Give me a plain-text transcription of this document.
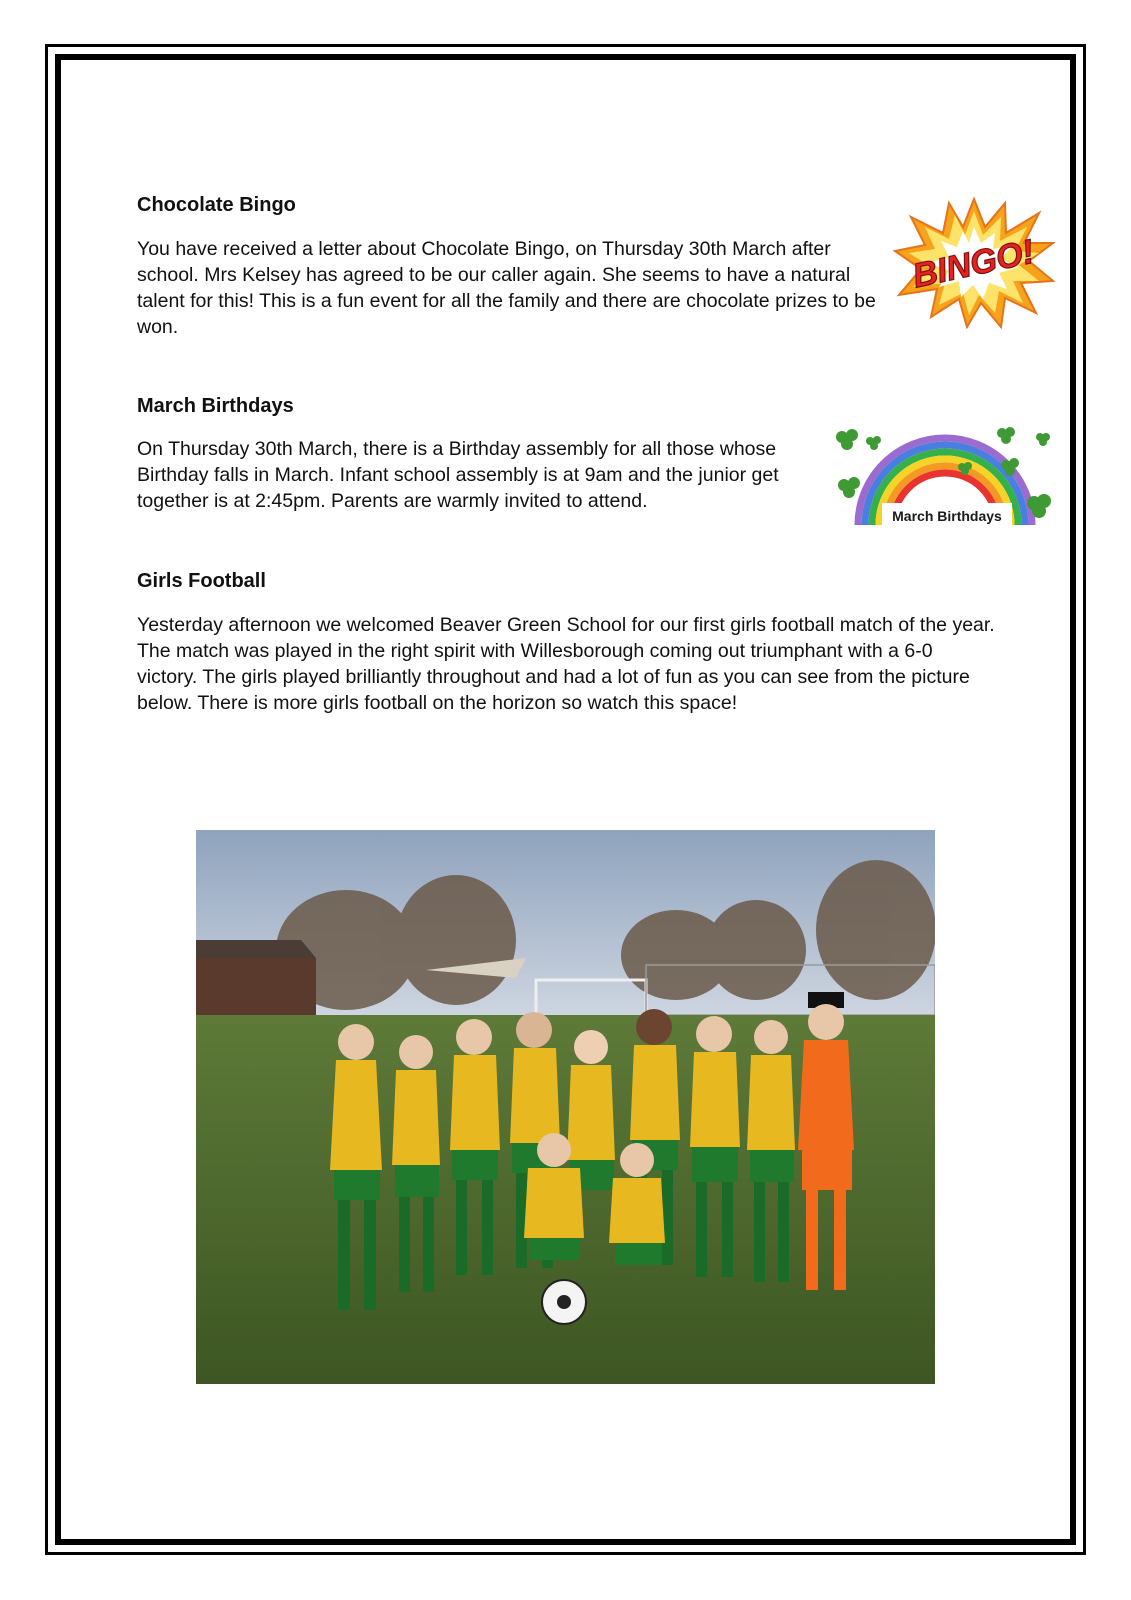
Chocolate Bingo

You have received a letter about Chocolate Bingo, on Thursday 30th March after school. Mrs Kelsey has agreed to be our caller again. She seems to have a natural talent for this! This is a fun event for all the family and there are chocolate prizes to be won.

BINGO!
March Birthdays

On Thursday 30th March, there is a Birthday assembly for all those whose Birthday falls in March. Infant school assembly is at 9am and the junior get together is at 2:45pm. Parents are warmly invited to attend.

March Birthdays
Girls Football

Yesterday afternoon we welcomed Beaver Green School for our first girls football match of the year. The match was played in the right spirit with Willesborough coming out triumphant with a 6-0 victory. The girls played brilliantly throughout and had a lot of fun as you can see from the picture below. There is more girls football on the horizon so watch this space!
